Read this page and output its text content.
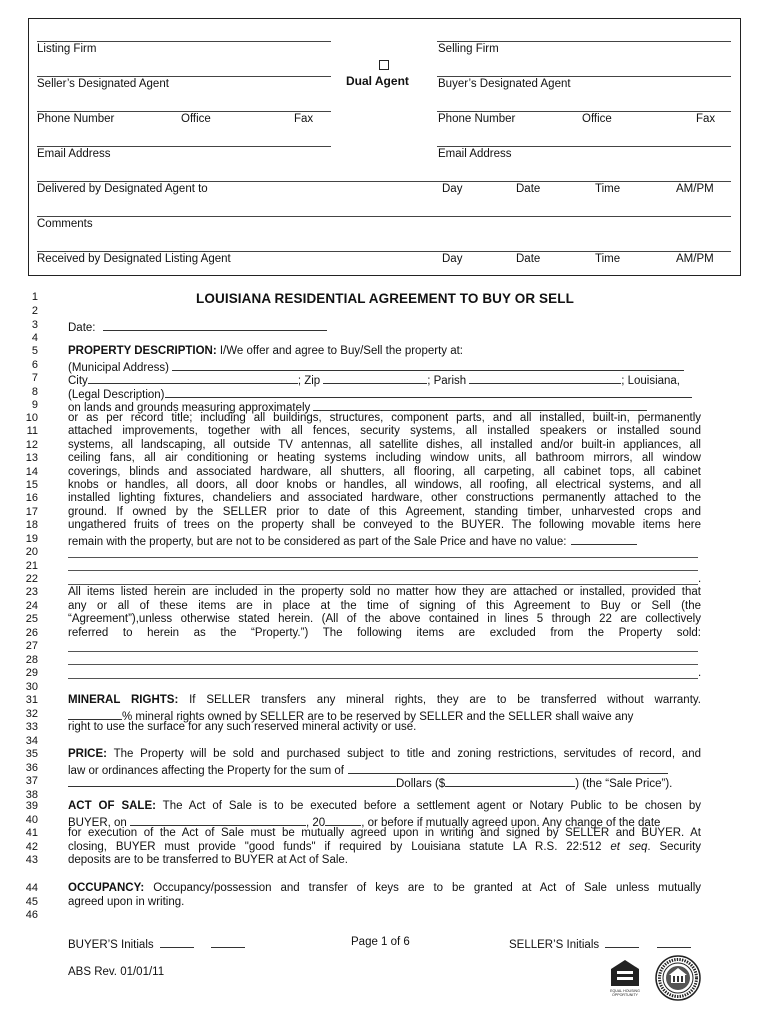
Listing Firm	Selling Firm
Dual Agent
Seller’s Designated Agent	Buyer’s Designated Agent
Phone Number	Office	Fax	Phone Number	Office	Fax
Email Address	Email Address
Delivered by Designated Agent to	Day	Date	Time	AM/PM
Comments
Received by Designated Listing Agent	Day	Date	Time	AM/PM
LOUISIANA RESIDENTIAL AGREEMENT TO BUY OR SELL
1
2
3
4
5
6
7
8
9
10
11
12
13
14
15
16
17
18
19
20
21
22
23
24
25
26
27
28
29
30
31
32
33
34
35
36
37
38
39
40
41
42
43
44
45
46
Date:
PROPERTY DESCRIPTION: I/We offer and agree to Buy/Sell the property at:
(Municipal Address)
City	; Zip	; Parish	; Louisiana,
(Legal Description)
on lands and grounds measuring approximately
or as per record title; including all buildings, structures, component parts, and all installed, built-in, permanently
attached improvements, together with all fences, security systems, all installed speakers or installed sound
systems, all landscaping, all outside TV antennas, all satellite dishes, all installed and/or built-in appliances, all
ceiling fans, all air conditioning or heating systems including window units, all bathroom mirrors, all window
coverings, blinds and associated hardware, all shutters, all flooring, all carpeting, all cabinet tops, all cabinet
knobs or handles, all doors, all door knobs or handles, all windows, all roofing, all electrical systems, and all
installed lighting fixtures, chandeliers and associated hardware, other constructions permanently attached to the
ground. If owned by the SELLER prior to date of this Agreement, standing timber, unharvested crops and
ungathered fruits of trees on the property shall be conveyed to the BUYER. The following movable items here
remain with the property, but are not to be considered as part of the Sale Price and have no value:
.
All items listed herein are included in the property sold no matter how they are attached or installed, provided that
any or all of these items are in place at the time of signing of this Agreement to Buy or Sell (the
“Agreement”),unless otherwise stated herein. (All of the above contained in lines 5 through 22 are collectively
referred to herein as the “Property.”) The following items are excluded from the Property sold:
.
MINERAL RIGHTS: If SELLER transfers any mineral rights, they are to be transferred without warranty.
% mineral rights owned by SELLER are to be reserved by SELLER and the SELLER shall waive any
right to use the surface for any such reserved mineral activity or use.
PRICE: The Property will be sold and purchased subject to title and zoning restrictions, servitudes of record, and
law or ordinances affecting the Property for the sum of
Dollars ($	) (the “Sale Price”).
ACT OF SALE: The Act of Sale is to be executed before a settlement agent or Notary Public to be chosen by
BUYER, on	, 20	, or before if mutually agreed upon. Any change of the date
for execution of the Act of Sale must be mutually agreed upon in writing and signed by SELLER and BUYER. At
closing, BUYER must provide "good funds" if required by Louisiana statute LA R.S. 22:512 et seq. Security
deposits are to be transferred to BUYER at Act of Sale.
OCCUPANCY: Occupancy/possession and transfer of keys are to be granted at Act of Sale unless mutually
agreed upon in writing.
BUYER’S Initials	Page 1 of 6	SELLER’S Initials
ABS Rev. 01/01/11
EQUAL HOUSING
OPPORTUNITY
